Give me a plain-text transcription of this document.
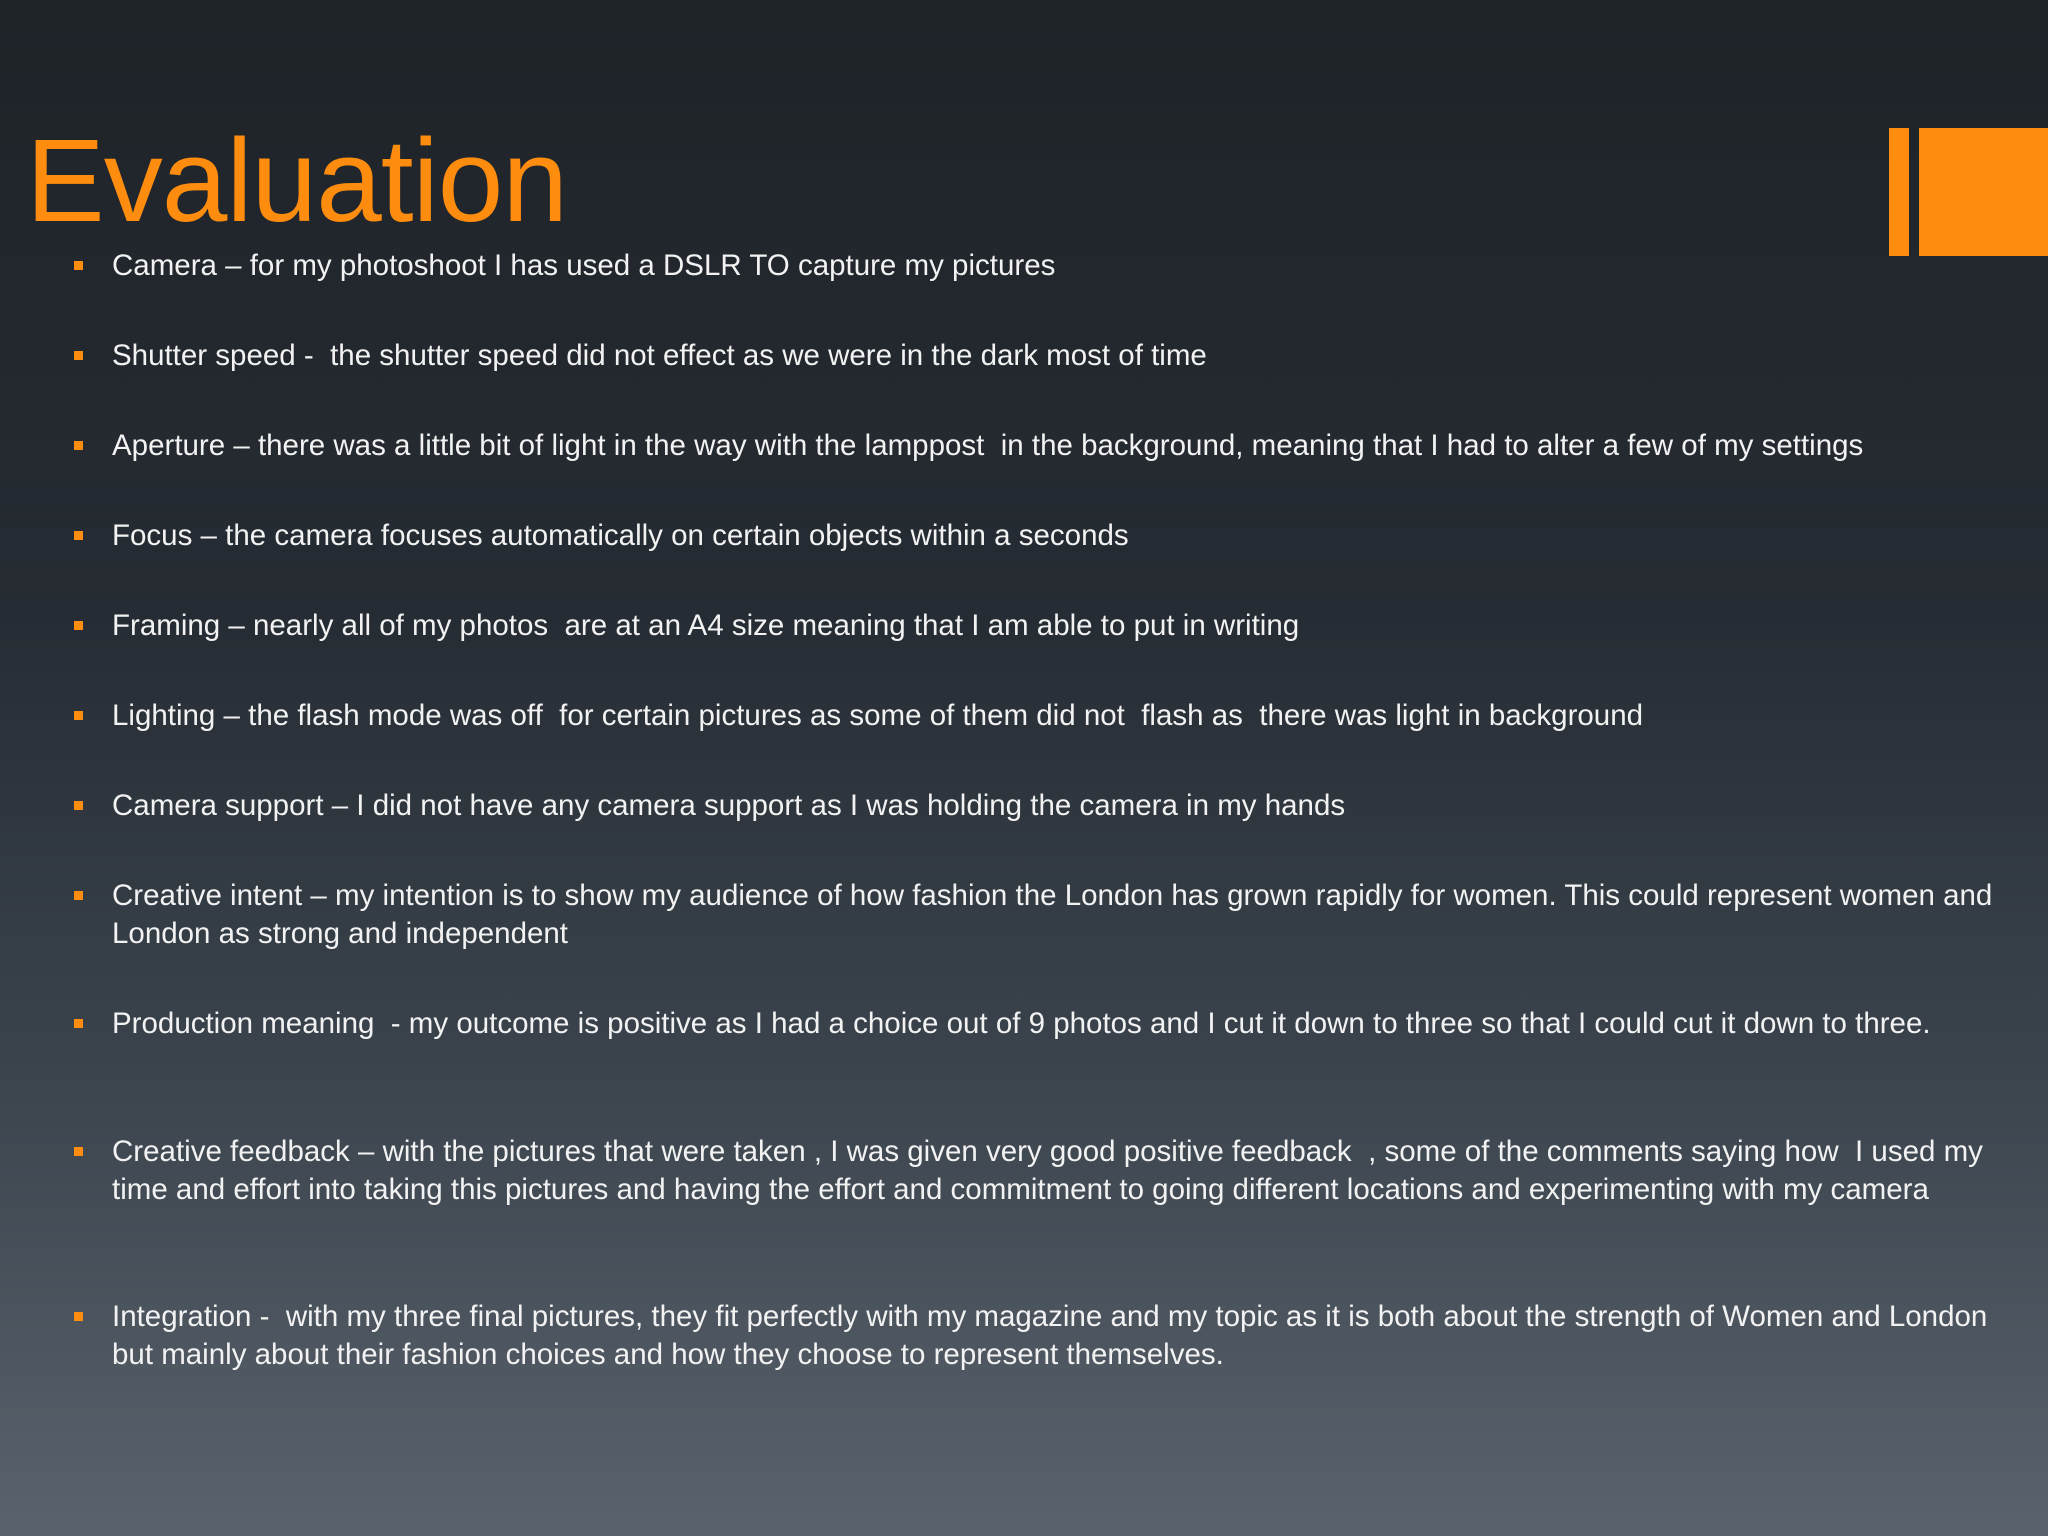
Evaluation
Camera – for my photoshoot I has used a DSLR TO capture my pictures
Shutter speed -  the shutter speed did not effect as we were in the dark most of time
Aperture – there was a little bit of light in the way with the lamppost  in the background, meaning that I had to alter a few of my settings
Focus – the camera focuses automatically on certain objects within a seconds
Framing – nearly all of my photos  are at an A4 size meaning that I am able to put in writing
Lighting – the flash mode was off  for certain pictures as some of them did not  flash as  there was light in background
Camera support – I did not have any camera support as I was holding the camera in my hands
Creative intent – my intention is to show my audience of how fashion the London has grown rapidly for women. This could represent women and London as strong and independent
Production meaning  - my outcome is positive as I had a choice out of 9 photos and I cut it down to three so that I could cut it down to three.
Creative feedback – with the pictures that were taken , I was given very good positive feedback  , some of the comments saying how  I used my time and effort into taking this pictures and having the effort and commitment to going different locations and experimenting with my camera
Integration -  with my three final pictures, they fit perfectly with my magazine and my topic as it is both about the strength of Women and London but mainly about their fashion choices and how they choose to represent themselves.
